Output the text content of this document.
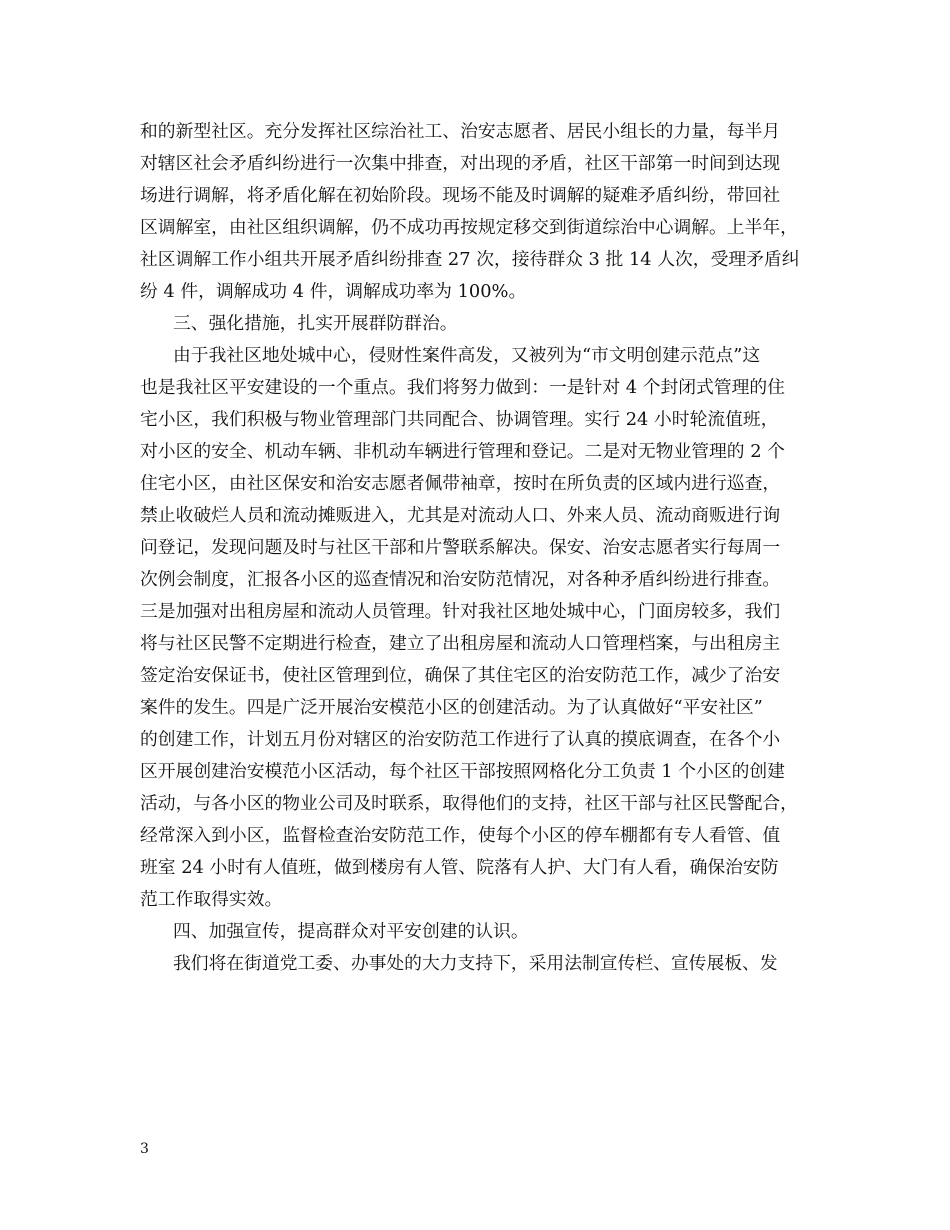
和的新型社区。充分发挥社区综治社工、治安志愿者、居民小组长的力量，每半月
对辖区社会矛盾纠纷进行一次集中排查，对出现的矛盾，社区干部第一时间到达现
场进行调解，将矛盾化解在初始阶段。现场不能及时调解的疑难矛盾纠纷，带回社
区调解室，由社区组织调解，仍不成功再按规定移交到街道综治中心调解。上半年，
社区调解工作小组共开展矛盾纠纷排查 27 次，接待群众 3 批 14 人次，受理矛盾纠
纷 4 件，调解成功 4 件，调解成功率为 100%。
三、强化措施，扎实开展群防群治。
由于我社区地处城中心，侵财性案件高发，又被列为“市文明创建示范点”这
也是我社区平安建设的一个重点。我们将努力做到：一是针对 4 个封闭式管理的住
宅小区，我们积极与物业管理部门共同配合、协调管理。实行 24 小时轮流值班，
对小区的安全、机动车辆、非机动车辆进行管理和登记。二是对无物业管理的 2 个
住宅小区，由社区保安和治安志愿者佩带袖章，按时在所负责的区域内进行巡查，
禁止收破烂人员和流动摊贩进入，尤其是对流动人口、外来人员、流动商贩进行询
问登记，发现问题及时与社区干部和片警联系解决。保安、治安志愿者实行每周一
次例会制度，汇报各小区的巡查情况和治安防范情况，对各种矛盾纠纷进行排查。
三是加强对出租房屋和流动人员管理。针对我社区地处城中心，门面房较多，我们
将与社区民警不定期进行检查，建立了出租房屋和流动人口管理档案，与出租房主
签定治安保证书，使社区管理到位，确保了其住宅区的治安防范工作，减少了治安
案件的发生。四是广泛开展治安模范小区的创建活动。为了认真做好“平安社区”
的创建工作，计划五月份对辖区的治安防范工作进行了认真的摸底调查，在各个小
区开展创建治安模范小区活动，每个社区干部按照网格化分工负责 1 个小区的创建
活动，与各小区的物业公司及时联系，取得他们的支持，社区干部与社区民警配合，
经常深入到小区，监督检查治安防范工作，使每个小区的停车棚都有专人看管、值
班室 24 小时有人值班，做到楼房有人管、院落有人护、大门有人看，确保治安防
范工作取得实效。
四、加强宣传，提高群众对平安创建的认识。
我们将在街道党工委、办事处的大力支持下，采用法制宣传栏、宣传展板、发
3
